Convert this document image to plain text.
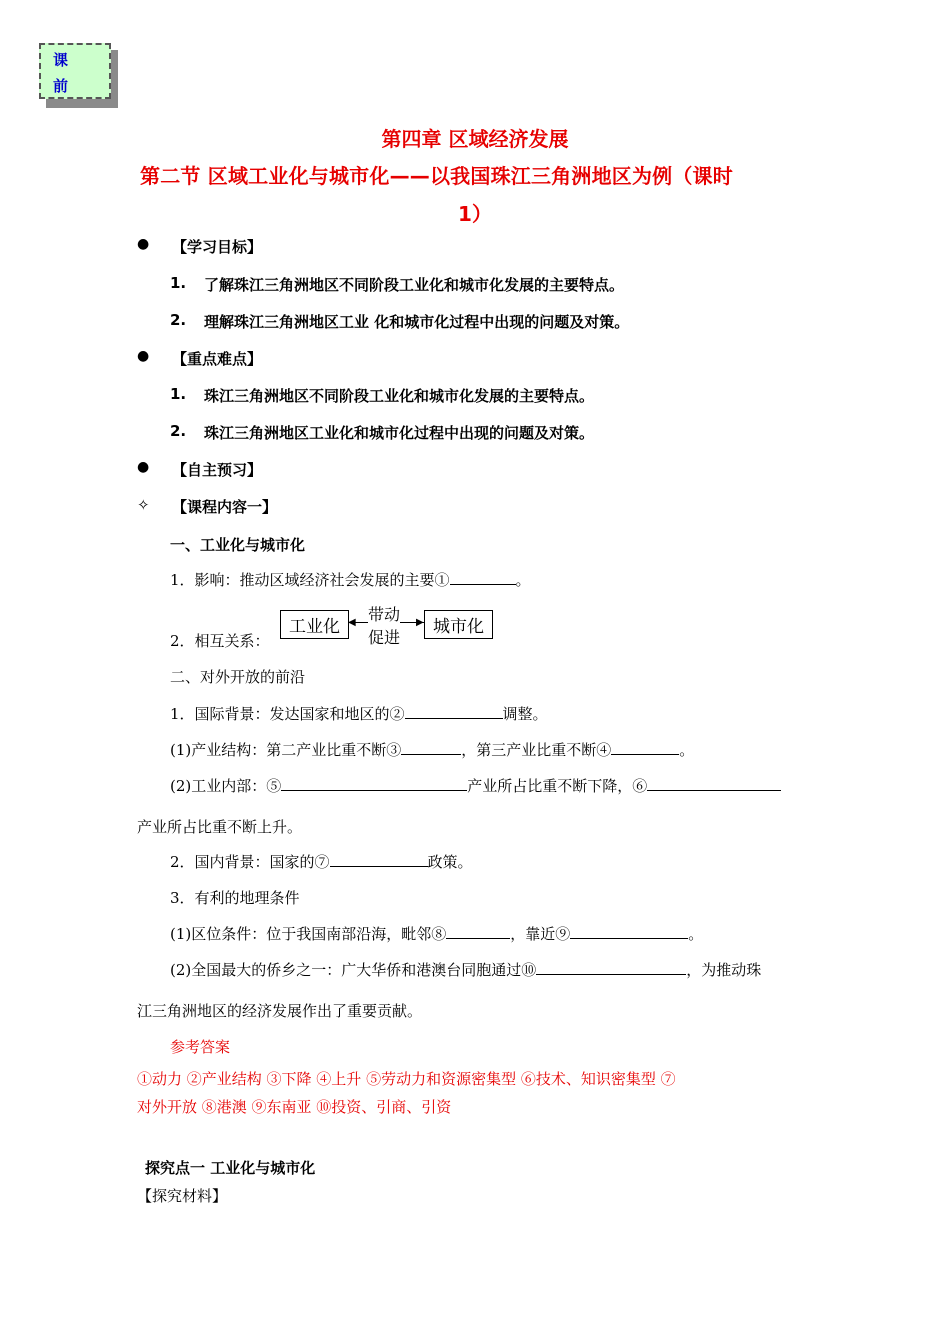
课
前
第四章 区域经济发展
第二节 区域工业化与城市化——以我国珠江三角洲地区为例（课时
1）
● 【学习目标】
1. 了解珠江三角洲地区不同阶段工业化和城市化发展的主要特点。
2. 理解珠江三角洲地区工业 化和城市化过程中出现的问题及对策。
● 【重点难点】
1. 珠江三角洲地区不同阶段工业化和城市化发展的主要特点。
2. 珠江三角洲地区工业化和城市化过程中出现的问题及对策。
● 【自主预习】
✧ 【课程内容一】
一、工业化与城市化
1．影响：推动区域经济社会发展的主要①	。
2．相互关系：
工业化	城市化
◀	▶
带动
促进
二、对外开放的前沿
1．国际背景：发达国家和地区的②	调整。
(1)产业结构：第二产业比重不断③	，第三产业比重不断④	。
(2)工业内部：⑤	产业所占比重不断下降，⑥
产业所占比重不断上升。
2．国内背景：国家的⑦	政策。
3．有利的地理条件
(1)区位条件：位于我国南部沿海，毗邻⑧	，靠近⑨	。
(2)全国最大的侨乡之一：广大华侨和港澳台同胞通过⑩	，为推动珠
江三角洲地区的经济发展作出了重要贡献。
参考答案
①动力 ②产业结构 ③下降 ④上升 ⑤劳动力和资源密集型 ⑥技术、知识密集型 ⑦
对外开放 ⑧港澳 ⑨东南亚 ⑩投资、引商、引资
探究点一 工业化与城市化
【探究材料】
